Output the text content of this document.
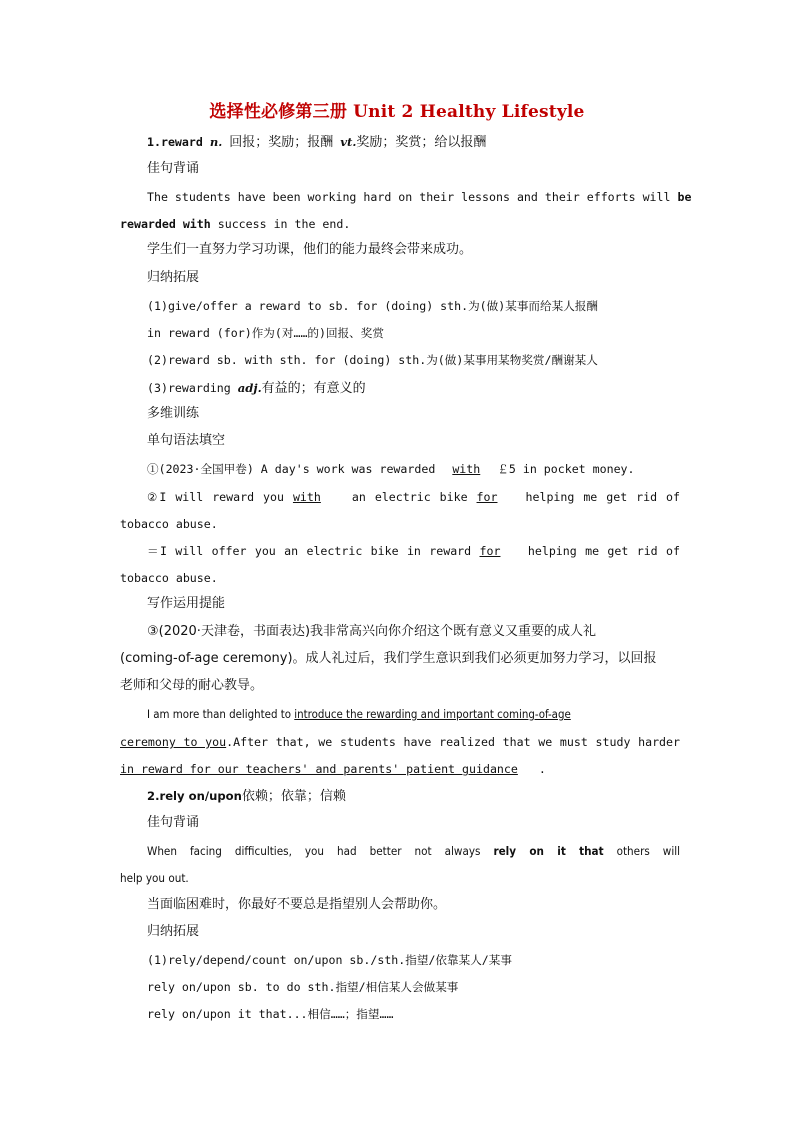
选择性必修第三册 Unit 2 Healthy Lifestyle
1.reward n. 回报；奖励；报酬 vt.奖励；奖赏；给以报酬
佳句背诵
The students have been working hard on their lessons and their efforts will be
rewarded with success in the end.
学生们一直努力学习功课，他们的能力最终会带来成功。
归纳拓展
(1)give/offer a reward to sb. for (doing) sth.为(做)某事而给某人报酬
in reward (for)作为(对……的)回报、奖赏
(2)reward sb. with sth. for (doing) sth.为(做)某事用某物奖赏/酬谢某人
(3)rewarding adj.有益的；有意义的
多维训练
单句语法填空
①(2023·全国甲卷) A day's work was rewarded with ￡5 in pocket money.
②I will reward you with	an electric bike for helping me get rid of
tobacco abuse.
＝I will offer you an electric bike in reward for helping me get rid of
tobacco abuse.
写作运用提能
③(2020·天津卷，书面表达)我非常高兴向你介绍这个既有意义又重要的成人礼
(coming-of-age ceremony)。成人礼过后，我们学生意识到我们必须更加努力学习，以回报
老师和父母的耐心教导。
I am more than delighted to introduce the rewarding and important coming-of-age
ceremony to you.After that, we students have realized that we must study harder
in reward for our teachers' and parents' patient guidance .
2.rely on/upon依赖；依靠；信赖
佳句背诵
When facing difficulties, you had better not always rely on it that others will
help you out.
当面临困难时，你最好不要总是指望别人会帮助你。
归纳拓展
(1)rely/depend/count on/upon sb./sth.指望/依靠某人/某事
rely on/upon sb. to do sth.指望/相信某人会做某事
rely on/upon it that...相信……；指望……
